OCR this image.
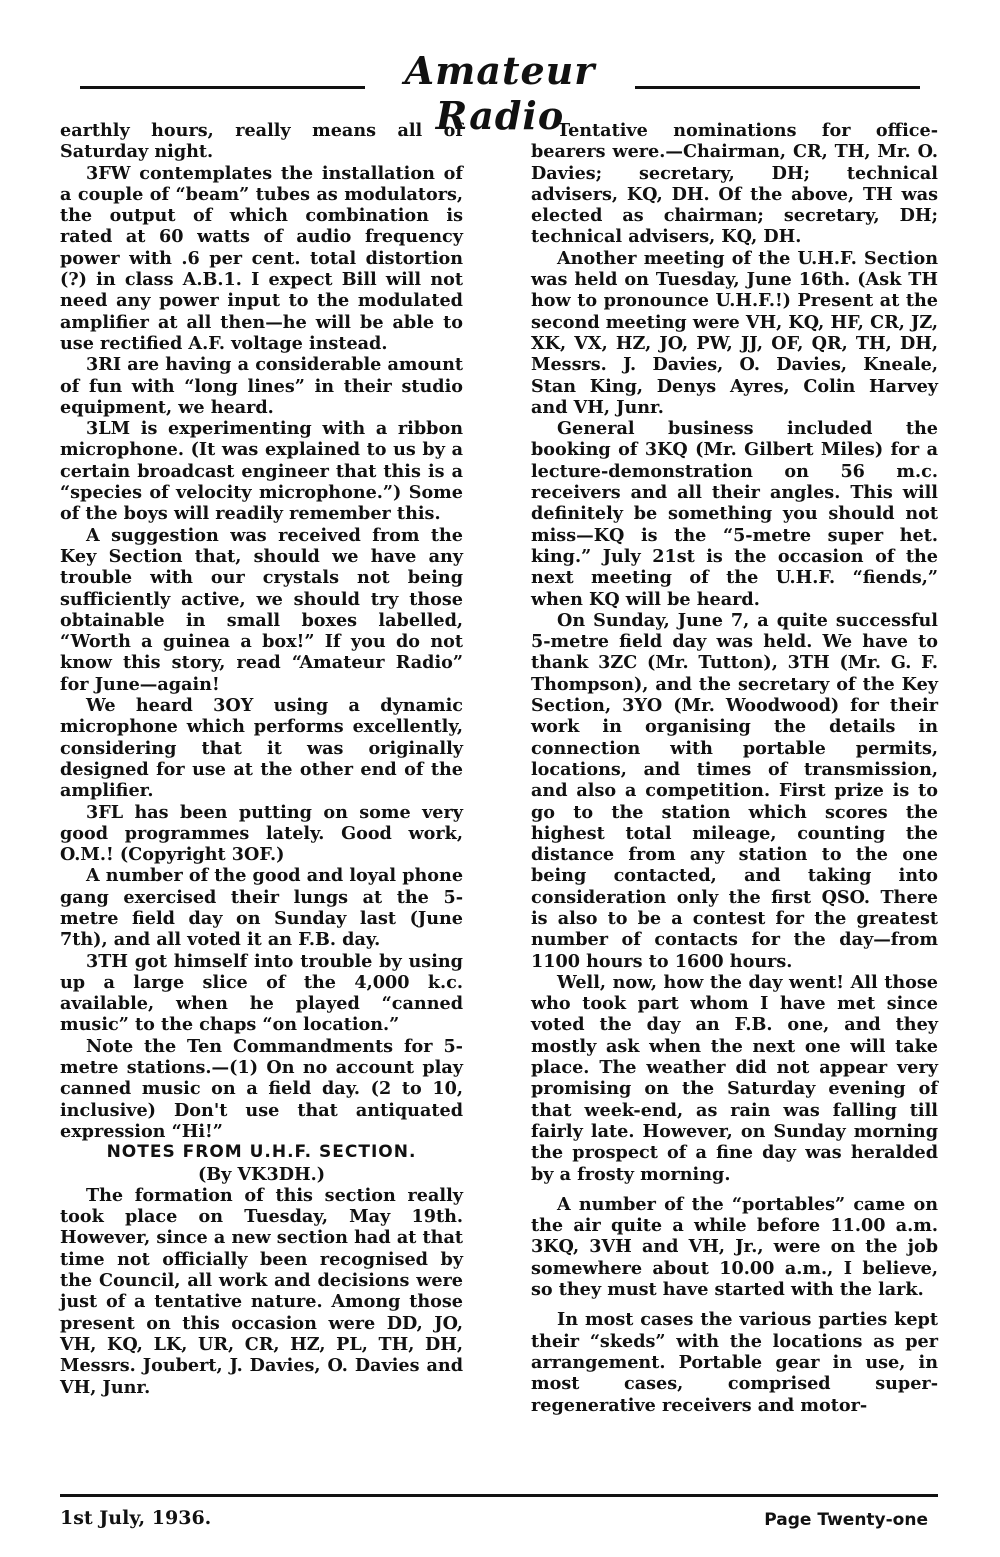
Amateur Radio

earthly hours, really means all of Saturday night.

3FW contemplates the installation of a couple of “beam” tubes as modulators, the output of which combination is rated at 60 watts of audio frequency power with .6 per cent. total distortion (?) in class A.B.1. I expect Bill will not need any power input to the modulated amplifier at all then—he will be able to use rectified A.F. voltage instead.

3RI are having a considerable amount of fun with “long lines” in their studio equipment, we heard.

3LM is experimenting with a ribbon microphone. (It was explained to us by a certain broadcast engineer that this is a “species of velocity microphone.”) Some of the boys will readily remember this.

A suggestion was received from the Key Section that, should we have any trouble with our crystals not being sufficiently active, we should try those obtainable in small boxes labelled, “Worth a guinea a box!” If you do not know this story, read “Amateur Radio” for June—again!

We heard 3OY using a dynamic microphone which performs excellently, considering that it was originally designed for use at the other end of the amplifier.

3FL has been putting on some very good programmes lately. Good work, O.M.! (Copyright 3OF.)

A number of the good and loyal phone gang exercised their lungs at the 5-metre field day on Sunday last (June 7th), and all voted it an F.B. day.

3TH got himself into trouble by using up a large slice of the 4,000 k.c. available, when he played “canned music” to the chaps “on location.”

Note the Ten Commandments for 5-metre stations.—(1) On no account play canned music on a field day. (2 to 10, inclusive) Don't use that antiquated expression “Hi!”

NOTES FROM U.H.F. SECTION.

(By VK3DH.)

The formation of this section really took place on Tuesday, May 19th. However, since a new section had at that time not officially been recognised by the Council, all work and decisions were just of a tentative nature. Among those present on this occasion were DD, JO, VH, KQ, LK, UR, CR, HZ, PL, TH, DH, Messrs. Joubert, J. Davies, O. Davies and VH, Junr.

Tentative nominations for office-bearers were.—Chairman, CR, TH, Mr. O. Davies; secretary, DH; technical advisers, KQ, DH. Of the above, TH was elected as chairman; secretary, DH; technical advisers, KQ, DH.

Another meeting of the U.H.F. Section was held on Tuesday, June 16th. (Ask TH how to pronounce U.H.F.!) Present at the second meeting were VH, KQ, HF, CR, JZ, XK, VX, HZ, JO, PW, JJ, OF, QR, TH, DH, Messrs. J. Davies, O. Davies, Kneale, Stan King, Denys Ayres, Colin Harvey and VH, Junr.

General business included the booking of 3KQ (Mr. Gilbert Miles) for a lecture-demonstration on 56 m.c. receivers and all their angles. This will definitely be something you should not miss—KQ is the “5-metre super het. king.” July 21st is the occasion of the next meeting of the U.H.F. “fiends,” when KQ will be heard.

On Sunday, June 7, a quite successful 5-metre field day was held. We have to thank 3ZC (Mr. Tutton), 3TH (Mr. G. F. Thompson), and the secretary of the Key Section, 3YO (Mr. Woodwood) for their work in organising the details in connection with portable permits, locations, and times of transmission, and also a competition. First prize is to go to the station which scores the highest total mileage, counting the distance from any station to the one being contacted, and taking into consideration only the first QSO. There is also to be a contest for the greatest number of contacts for the day—from 1100 hours to 1600 hours.

Well, now, how the day went! All those who took part whom I have met since voted the day an F.B. one, and they mostly ask when the next one will take place. The weather did not appear very promising on the Saturday evening of that week-end, as rain was falling till fairly late. However, on Sunday morning the prospect of a fine day was heralded by a frosty morning.

A number of the “portables” came on the air quite a while before 11.00 a.m. 3KQ, 3VH and VH, Jr., were on the job somewhere about 10.00 a.m., I believe, so they must have started with the lark.

In most cases the various parties kept their “skeds” with the locations as per arrangement. Portable gear in use, in most cases, comprised super-regenerative receivers and motor-

1st July, 1936.	Page Twenty-one
